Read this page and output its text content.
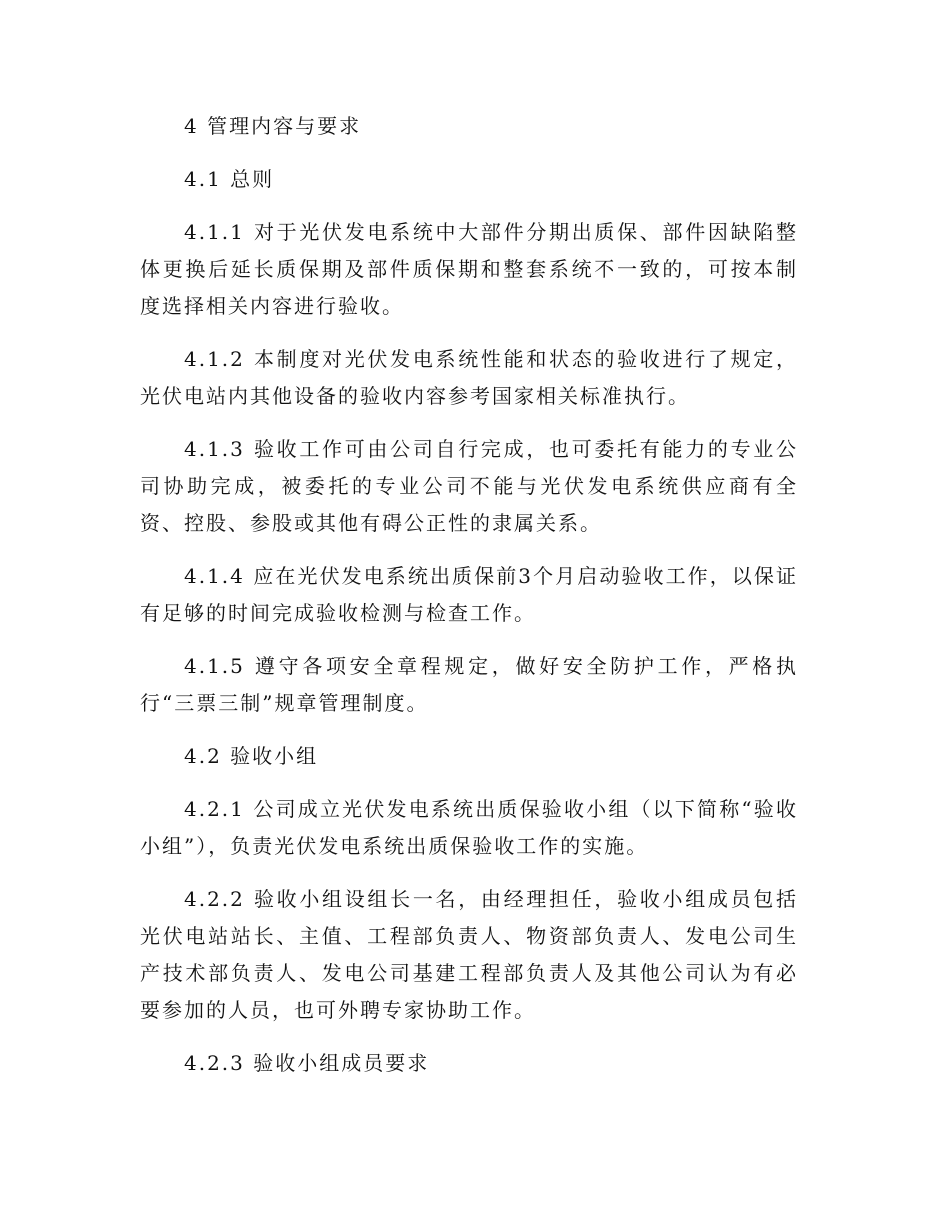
4 管理内容与要求

4.1 总则

4.1.1 对于光伏发电系统中大部件分期出质保、部件因缺陷整体更换后延长质保期及部件质保期和整套系统不一致的，可按本制度选择相关内容进行验收。

4.1.2 本制度对光伏发电系统性能和状态的验收进行了规定，光伏电站内其他设备的验收内容参考国家相关标准执行。

4.1.3 验收工作可由公司自行完成，也可委托有能力的专业公司协助完成，被委托的专业公司不能与光伏发电系统供应商有全资、控股、参股或其他有碍公正性的隶属关系。

4.1.4 应在光伏发电系统出质保前3个月启动验收工作，以保证有足够的时间完成验收检测与检查工作。

4.1.5 遵守各项安全章程规定，做好安全防护工作，严格执行“三票三制”规章管理制度。

4.2 验收小组

4.2.1 公司成立光伏发电系统出质保验收小组（以下简称“验收小组”），负责光伏发电系统出质保验收工作的实施。

4.2.2 验收小组设组长一名，由经理担任，验收小组成员包括光伏电站站长、主值、工程部负责人、物资部负责人、发电公司生产技术部负责人、发电公司基建工程部负责人及其他公司认为有必要参加的人员，也可外聘专家协助工作。

4.2.3 验收小组成员要求
